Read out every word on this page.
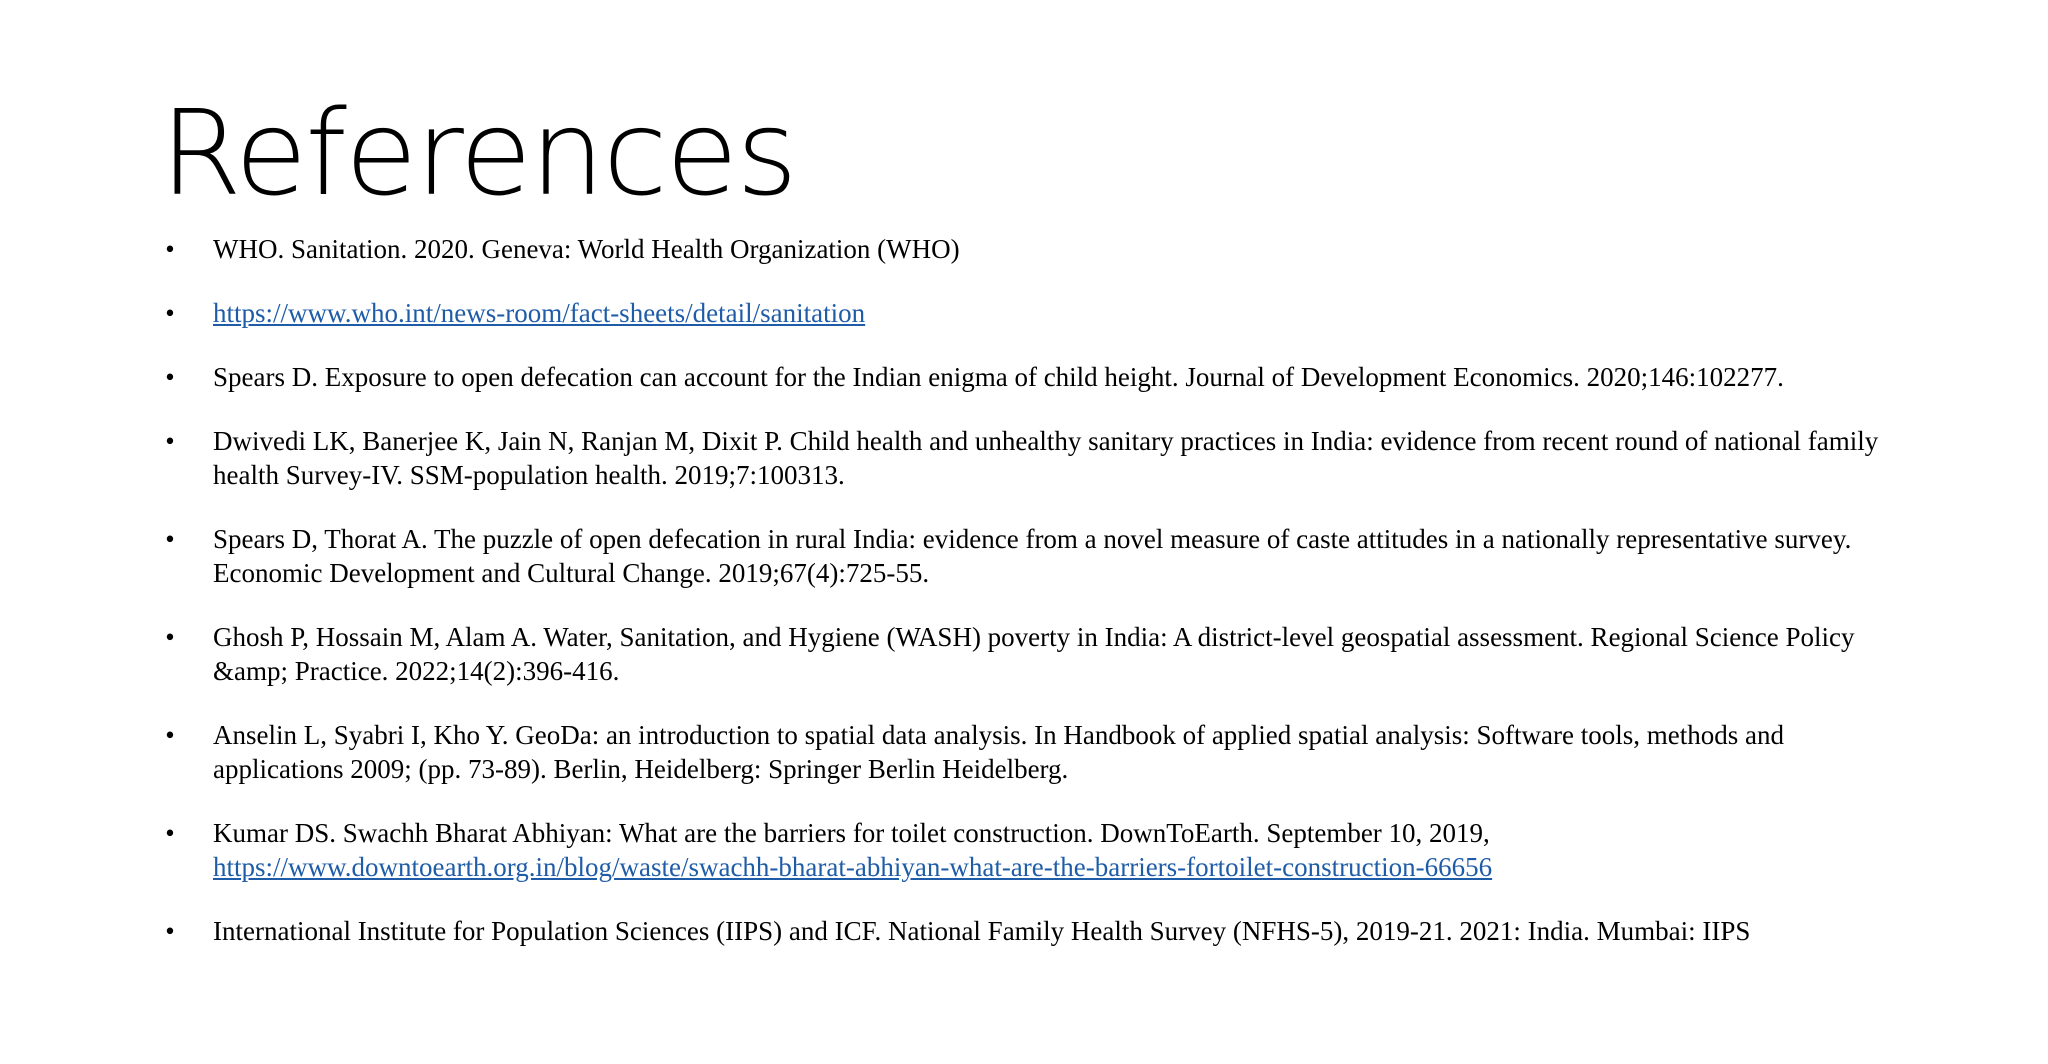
References
• WHO. Sanitation. 2020. Geneva: World Health Organization (WHO)
• https://www.who.int/news-room/fact-sheets/detail/sanitation
• Spears D. Exposure to open defecation can account for the Indian enigma of child height. Journal of Development Economics. 2020;146:102277.
• Dwivedi LK, Banerjee K, Jain N, Ranjan M, Dixit P. Child health and unhealthy sanitary practices in India: evidence from recent round of national family health Survey-IV. SSM-population health. 2019;7:100313.
• Spears D, Thorat A. The puzzle of open defecation in rural India: evidence from a novel measure of caste attitudes in a nationally representative survey. Economic Development and Cultural Change. 2019;67(4):725-55.
• Ghosh P, Hossain M, Alam A. Water, Sanitation, and Hygiene (WASH) poverty in India: A district-level geospatial assessment. Regional Science Policy &amp; Practice. 2022;14(2):396-416.
• Anselin L, Syabri I, Kho Y. GeoDa: an introduction to spatial data analysis. In Handbook of applied spatial analysis: Software tools, methods and applications 2009; (pp. 73-89). Berlin, Heidelberg: Springer Berlin Heidelberg.
• Kumar DS. Swachh Bharat Abhiyan: What are the barriers for toilet construction. DownToEarth. September 10, 2019,
https://www.downtoearth.org.in/blog/waste/swachh-bharat-abhiyan-what-are-the-barriers-fortoilet-construction-66656
• International Institute for Population Sciences (IIPS) and ICF. National Family Health Survey (NFHS-5), 2019-21. 2021: India. Mumbai: IIPS
